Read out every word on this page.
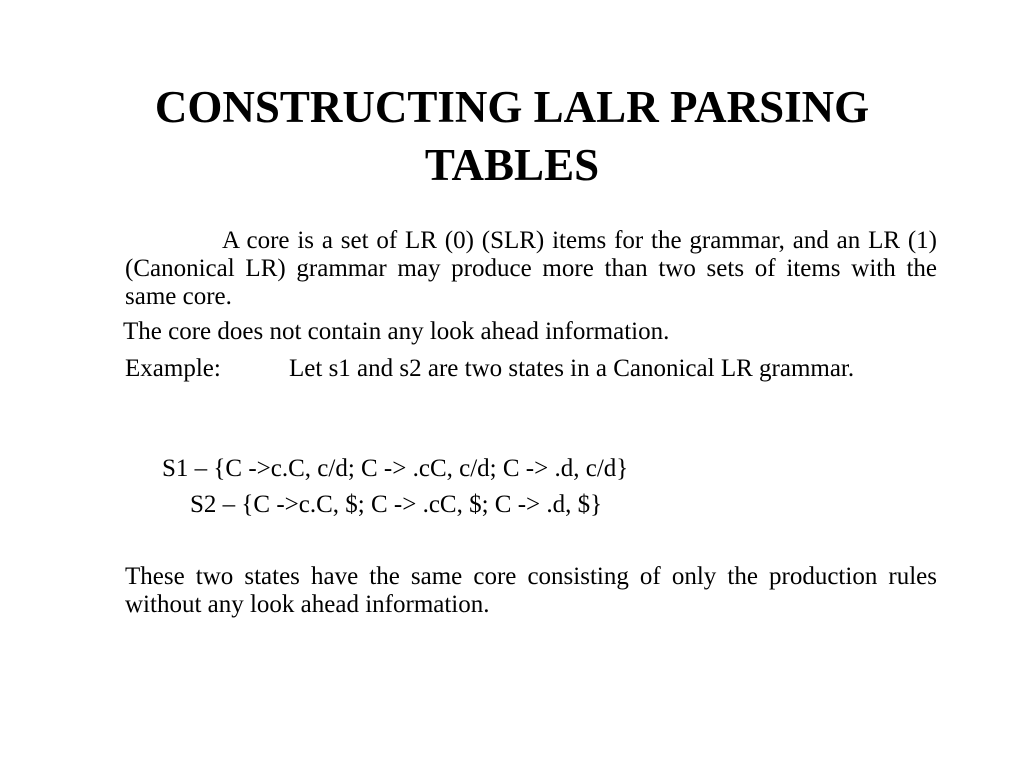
CONSTRUCTING LALR PARSING TABLES

A core is a set of LR (0) (SLR) items for the grammar, and an LR (1) (Canonical LR) grammar may produce more than two sets of items with the same core.

The core does not contain any look ahead information.

Example:	Let s1 and s2 are two states in a Canonical LR grammar.

S1 – {C ->c.C, c/d; C -> .cC, c/d; C -> .d, c/d}

S2 – {C ->c.C, $; C -> .cC, $; C -> .d, $}

These two states have the same core consisting of only the production rules without any look ahead information.
